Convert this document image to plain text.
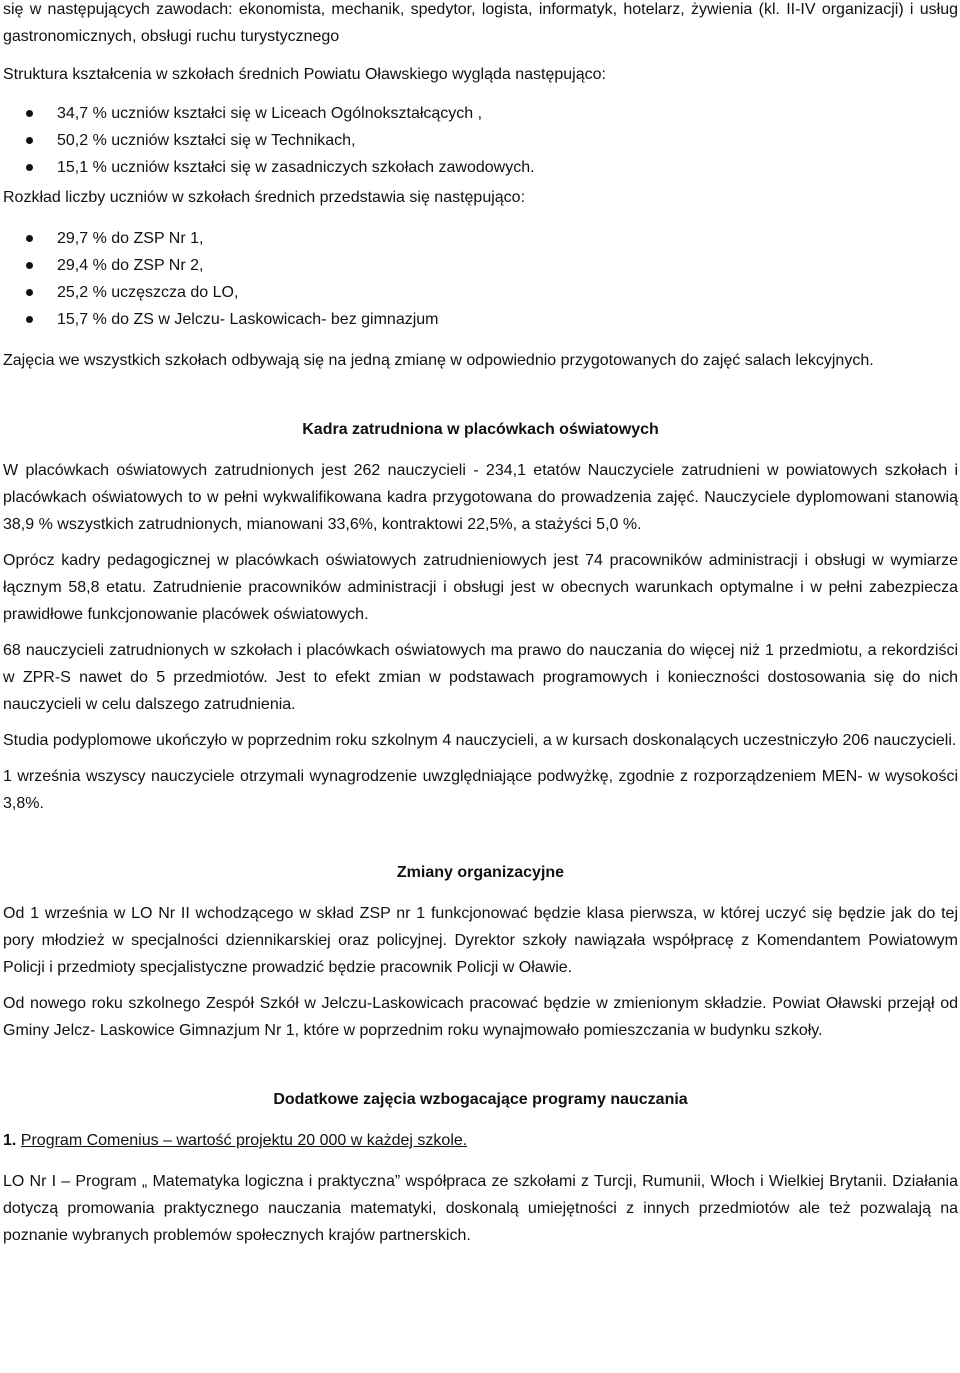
się w następujących zawodach: ekonomista, mechanik, spedytor, logista, informatyk, hotelarz, żywienia (kl. II-IV organizacji) i usług gastronomicznych, obsługi ruchu turystycznego

Struktura kształcenia w szkołach średnich Powiatu Oławskiego wygląda następująco:

34,7 % uczniów kształci się w Liceach Ogólnokształcących ,
50,2 % uczniów kształci się w Technikach,
15,1 % uczniów kształci się w zasadniczych szkołach zawodowych.

Rozkład liczby uczniów w szkołach średnich przedstawia się następująco:

29,7 % do ZSP Nr 1,
29,4 % do ZSP Nr 2,
25,2 % uczęszcza do LO,
15,7 % do ZS w Jelczu- Laskowicach- bez gimnazjum

Zajęcia we wszystkich szkołach odbywają się na jedną zmianę w odpowiednio przygotowanych do zajęć salach lekcyjnych.

Kadra zatrudniona w placówkach oświatowych

W placówkach oświatowych zatrudnionych jest 262 nauczycieli - 234,1 etatów Nauczyciele zatrudnieni w powiatowych szkołach i placówkach oświatowych to w pełni wykwalifikowana kadra przygotowana do prowadzenia zajęć. Nauczyciele dyplomowani stanowią 38,9 % wszystkich zatrudnionych, mianowani 33,6%, kontraktowi 22,5%, a stażyści 5,0 %.

Oprócz kadry pedagogicznej w placówkach oświatowych zatrudnieniowych jest 74 pracowników administracji i obsługi w wymiarze łącznym 58,8 etatu. Zatrudnienie pracowników administracji i obsługi jest w obecnych warunkach optymalne i w pełni zabezpiecza prawidłowe funkcjonowanie placówek oświatowych.

68 nauczycieli zatrudnionych w szkołach i placówkach oświatowych ma prawo do nauczania do więcej niż 1 przedmiotu, a rekordziści w ZPR-S nawet do 5 przedmiotów. Jest to efekt zmian w podstawach programowych i konieczności dostosowania się do nich nauczycieli w celu dalszego zatrudnienia.

Studia podyplomowe ukończyło w poprzednim roku szkolnym 4 nauczycieli, a w kursach doskonalących uczestniczyło 206 nauczycieli.

1 września wszyscy nauczyciele otrzymali wynagrodzenie uwzględniające podwyżkę, zgodnie z rozporządzeniem MEN- w wysokości 3,8%.

Zmiany organizacyjne

Od 1 września w LO Nr II wchodzącego w skład ZSP nr 1 funkcjonować będzie klasa pierwsza, w której uczyć się będzie jak do tej pory młodzież w specjalności dziennikarskiej oraz policyjnej. Dyrektor szkoły nawiązała współpracę z Komendantem Powiatowym Policji i przedmioty specjalistyczne prowadzić będzie pracownik Policji w Oławie.

Od nowego roku szkolnego Zespół Szkół w Jelczu-Laskowicach pracować będzie w zmienionym składzie. Powiat Oławski przejął od Gminy Jelcz- Laskowice Gimnazjum Nr 1, które w poprzednim roku wynajmowało pomieszczania w budynku szkoły.

Dodatkowe zajęcia wzbogacające programy nauczania

1. Program Comenius – wartość projektu 20 000 w każdej szkole.

LO Nr I – Program „ Matematyka logiczna i praktyczna” współpraca ze szkołami z Turcji, Rumunii, Włoch i Wielkiej Brytanii. Działania dotyczą promowania praktycznego nauczania matematyki, doskonalą umiejętności z innych przedmiotów ale też pozwalają na poznanie wybranych problemów społecznych krajów partnerskich.
